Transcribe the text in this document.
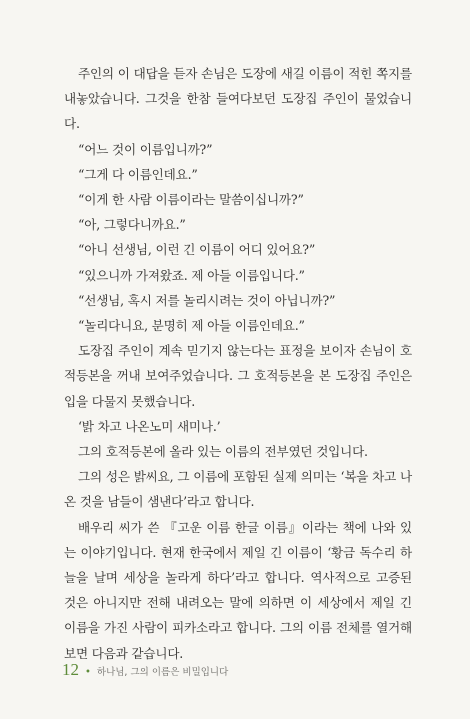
주인의 이 대답을 듣자 손님은 도장에 새길 이름이 적힌 쪽지를 내놓았습니다. 그것을 한참 들여다보던 도장집 주인이 물었습니다.

“어느 것이 이름입니까?”

“그게 다 이름인데요.”

“이게 한 사람 이름이라는 말씀이십니까?”

“아, 그렇다니까요.”

“아니 선생님, 이런 긴 이름이 어디 있어요?”

“있으니까 가져왔죠. 제 아들 이름입니다.”

“선생님, 혹시 저를 놀리시려는 것이 아닙니까?”

“놀리다니요, 분명히 제 아들 이름인데요.”

도장집 주인이 계속 믿기지 않는다는 표정을 보이자 손님이 호적등본을 꺼내 보여주었습니다. 그 호적등본을 본 도장집 주인은 입을 다물지 못했습니다.

‘밝 차고 나온노미 새미나.’

그의 호적등본에 올라 있는 이름의 전부였던 것입니다.

그의 성은 밝씨요, 그 이름에 포함된 실제 의미는 ‘복을 차고 나온 것을 남들이 샘낸다’라고 합니다.

배우리 씨가 쓴 『고운 이름 한글 이름』이라는 책에 나와 있는 이야기입니다. 현재 한국에서 제일 긴 이름이 ‘황금 독수리 하늘을 날며 세상을 놀라게 하다’라고 합니다. 역사적으로 고증된 것은 아니지만 전해 내려오는 말에 의하면 이 세상에서 제일 긴 이름을 가진 사람이 피카소라고 합니다. 그의 이름 전체를 열거해보면 다음과 같습니다.

12 • 하나님, 그의 이름은 비밀입니다
